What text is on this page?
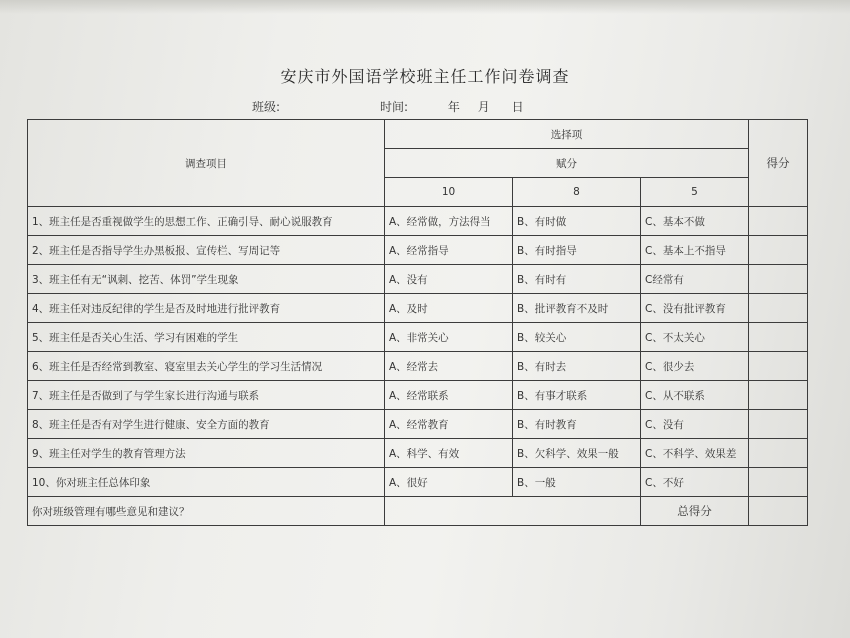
安庆市外国语学校班主任工作问卷调查
班级:	时间:	年 月 日
调查项目	选择项			得分
	赋分			
	10	8	5	
1、班主任是否重视做学生的思想工作、正确引导、耐心说服教育	A、经常做，方法得当	B、有时做	C、基本不做	
2、班主任是否指导学生办黑板报、宣传栏、写周记等	A、经常指导	B、有时指导	C、基本上不指导	
3、班主任有无“讽刺、挖苦、体罚”学生现象	A、没有	B、有时有	C经常有	
4、班主任对违反纪律的学生是否及时地进行批评教育	A、及时	B、批评教育不及时	C、没有批评教育	
5、班主任是否关心生活、学习有困难的学生	A、非常关心	B、较关心	C、不太关心	
6、班主任是否经常到教室、寝室里去关心学生的学习生活情况	A、经常去	B、有时去	C、很少去	
7、班主任是否做到了与学生家长进行沟通与联系	A、经常联系	B、有事才联系	C、从不联系	
8、班主任是否有对学生进行健康、安全方面的教育	A、经常教育	B、有时教育	C、没有	
9、班主任对学生的教育管理方法	A、科学、有效	B、欠科学、效果一般	C、不科学、效果差	
10、你对班主任总体印象	A、很好	B、一般	C、不好	
你对班级管理有哪些意见和建议？			总得分	
